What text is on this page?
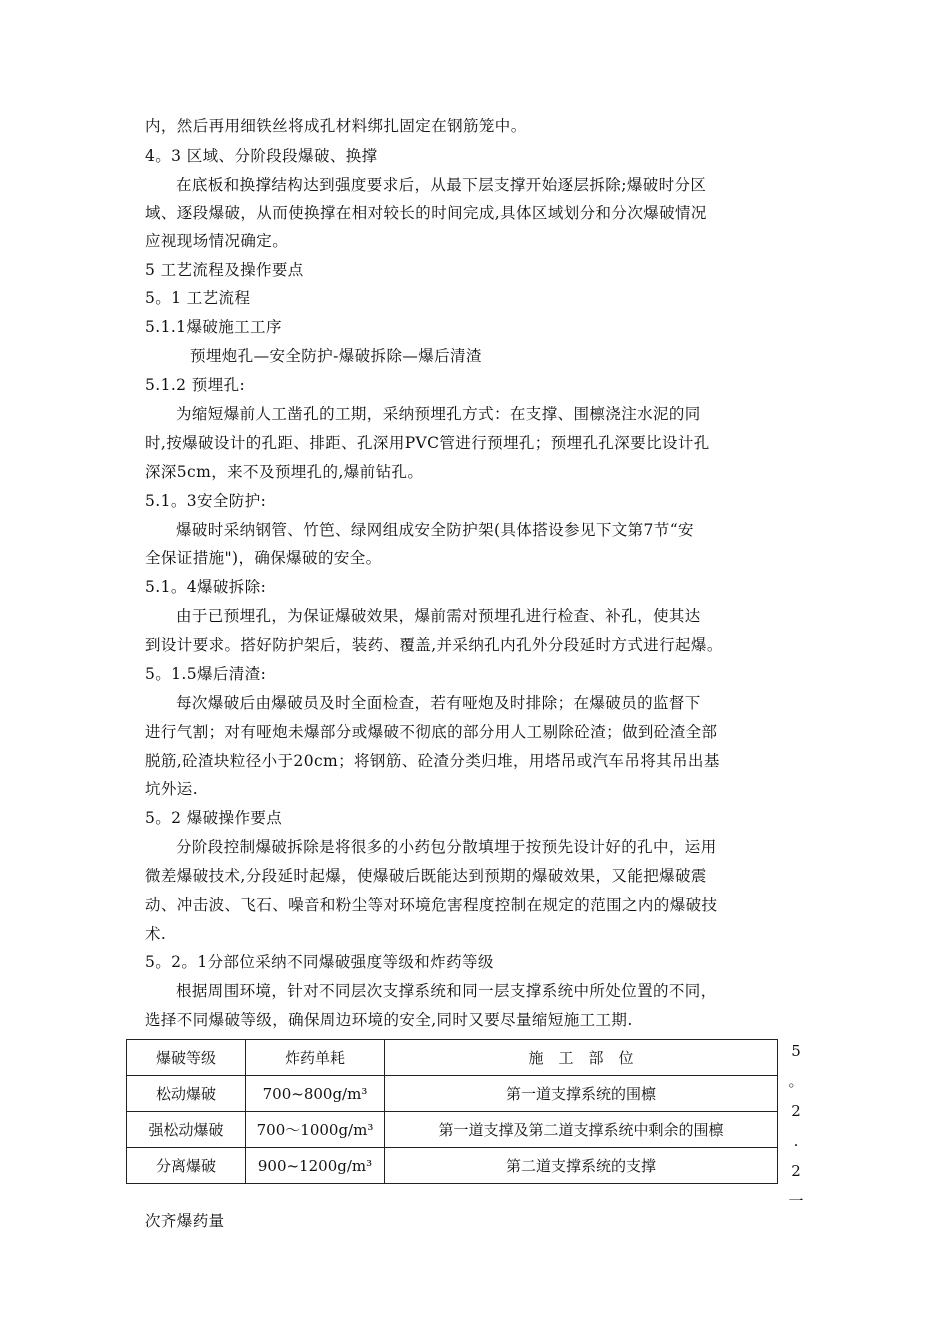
内，然后再用细铁丝将成孔材料绑扎固定在钢筋笼中。
4。3 区域、分阶段段爆破、换撑
在底板和换撑结构达到强度要求后，从最下层支撑开始逐层拆除;爆破时分区
域、逐段爆破，从而使换撑在相对较长的时间完成,具体区域划分和分次爆破情况
应视现场情况确定。
5 工艺流程及操作要点
5。1 工艺流程
5.1.1爆破施工工序
预埋炮孔—安全防护-爆破拆除—爆后清渣
5.1.2 预埋孔:
为缩短爆前人工凿孔的工期，采纳预埋孔方式：在支撑、围檩浇注水泥的同
时,按爆破设计的孔距、排距、孔深用PVC管进行预埋孔；预埋孔孔深要比设计孔
深深5cm，来不及预埋孔的,爆前钻孔。
5.1。3安全防护:
爆破时采纳钢管、竹笆、绿网组成安全防护架(具体搭设参见下文第7节“安
全保证措施")，确保爆破的安全。
5.1。4爆破拆除:
由于已预埋孔，为保证爆破效果，爆前需对预埋孔进行检查、补孔，使其达
到设计要求。搭好防护架后，装药、覆盖,并采纳孔内孔外分段延时方式进行起爆。
5。1.5爆后清渣:
每次爆破后由爆破员及时全面检查，若有哑炮及时排除；在爆破员的监督下
进行气割；对有哑炮未爆部分或爆破不彻底的部分用人工剔除砼渣；做到砼渣全部
脱筋,砼渣块粒径小于20cm；将钢筋、砼渣分类归堆，用塔吊或汽车吊将其吊出基
坑外运.
5。2 爆破操作要点
分阶段控制爆破拆除是将很多的小药包分散填埋于按预先设计好的孔中，运用
微差爆破技术,分段延时起爆，使爆破后既能达到预期的爆破效果，又能把爆破震
动、冲击波、飞石、噪音和粉尘等对环境危害程度控制在规定的范围之内的爆破技
术.
5。2。1分部位采纳不同爆破强度等级和炸药等级
根据周围环境，针对不同层次支撑系统和同一层支撑系统中所处位置的不同，
选择不同爆破等级，确保周边环境的安全,同时又要尽量缩短施工工期.
爆破等级	炸药单耗	施　工　部　位
松动爆破	700~800g/m³	第一道支撑系统的围檩
强松动爆破	700～1000g/m³	第一道支撑及第二道支撑系统中剩余的围檩
分离爆破	900~1200g/m³	第二道支撑系统的支撑
5
。
2
.
2
一
次齐爆药量
